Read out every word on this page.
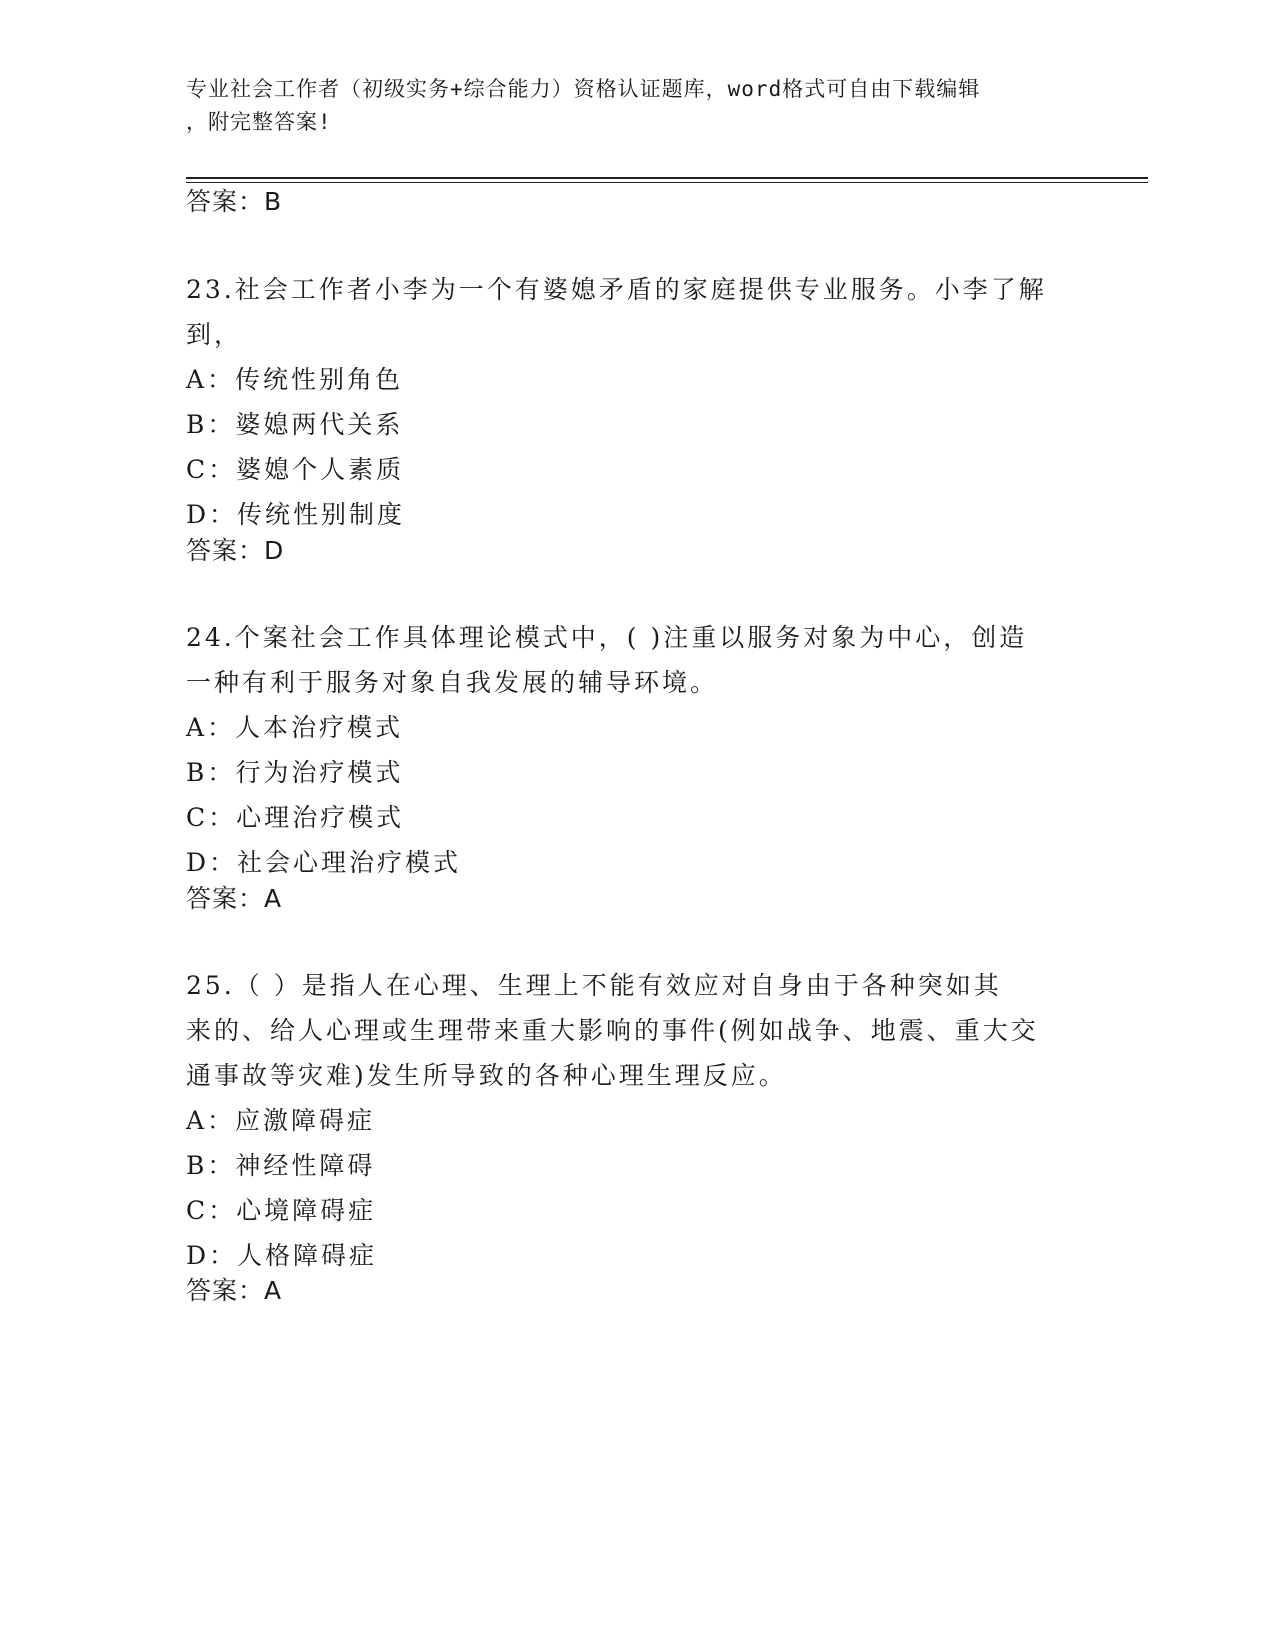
专业社会工作者（初级实务+综合能力）资格认证题库，word格式可自由下载编辑
，附完整答案!
答案：B
23.社会工作者小李为一个有婆媳矛盾的家庭提供专业服务。小李了解
到，
A：传统性别角色
B：婆媳两代关系
C：婆媳个人素质
D：传统性别制度
答案：D
24.个案社会工作具体理论模式中，( )注重以服务对象为中心，创造
一种有利于服务对象自我发展的辅导环境。
A：人本治疗模式
B：行为治疗模式
C：心理治疗模式
D：社会心理治疗模式
答案：A
25.（ ）是指人在心理、生理上不能有效应对自身由于各种突如其
来的、给人心理或生理带来重大影响的事件(例如战争、地震、重大交
通事故等灾难)发生所导致的各种心理生理反应。
A：应激障碍症
B：神经性障碍
C：心境障碍症
D：人格障碍症
答案：A
